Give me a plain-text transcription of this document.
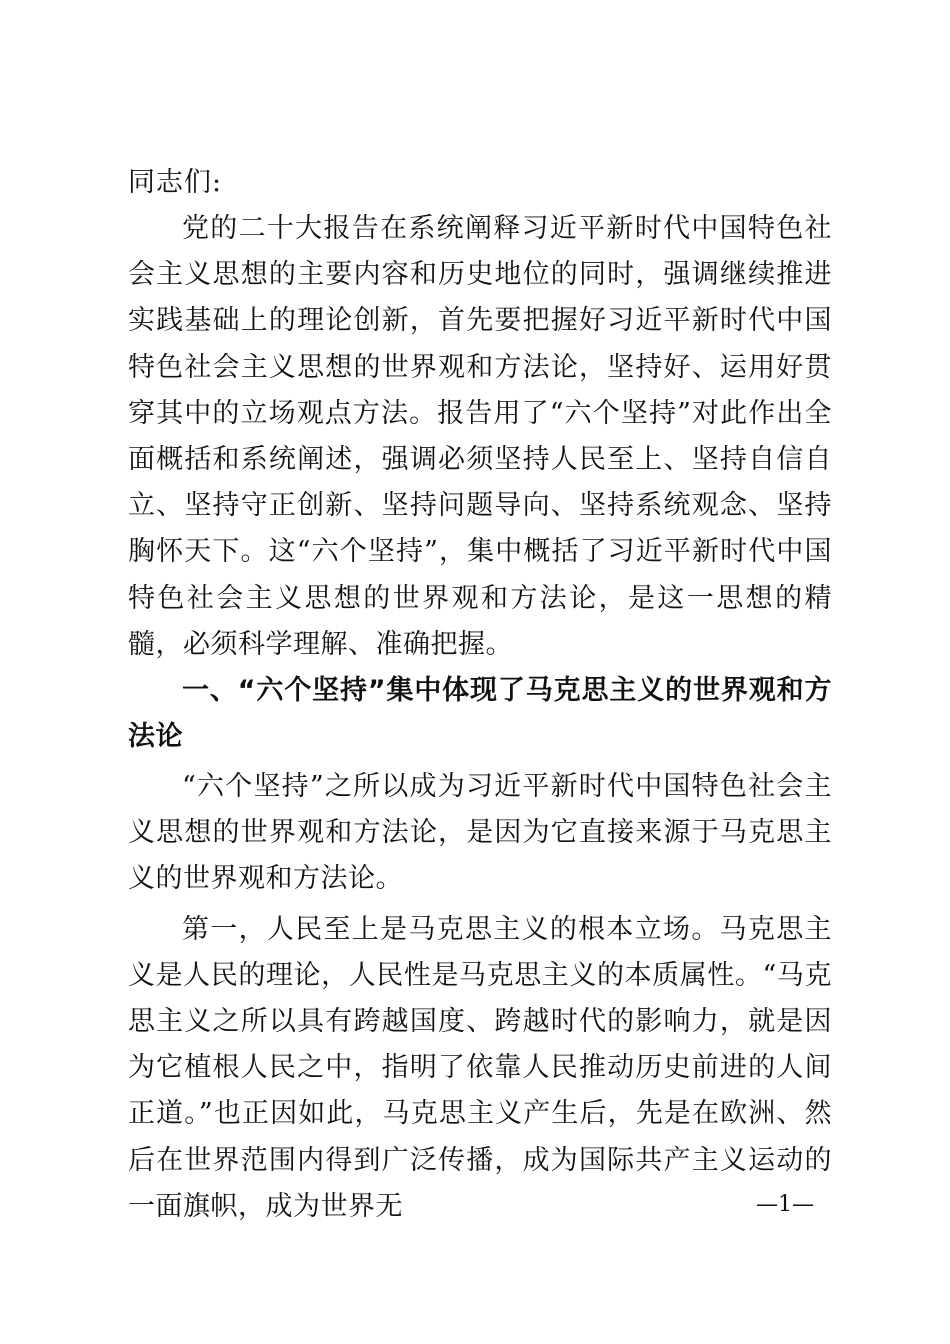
同志们:

党的二十大报告在系统阐释习近平新时代中国特色社会主义思想的主要内容和历史地位的同时，强调继续推进实践基础上的理论创新，首先要把握好习近平新时代中国特色社会主义思想的世界观和方法论，坚持好、运用好贯穿其中的立场观点方法。报告用了“六个坚持”对此作出全面概括和系统阐述，强调必须坚持人民至上、坚持自信自立、坚持守正创新、坚持问题导向、坚持系统观念、坚持胸怀天下。这“六个坚持”，集中概括了习近平新时代中国特色社会主义思想的世界观和方法论，是这一思想的精髓，必须科学理解、准确把握。

一、“六个坚持”集中体现了马克思主义的世界观和方法论

“六个坚持”之所以成为习近平新时代中国特色社会主义思想的世界观和方法论，是因为它直接来源于马克思主义的世界观和方法论。

第一，人民至上是马克思主义的根本立场。马克思主义是人民的理论，人民性是马克思主义的本质属性。“马克思主义之所以具有跨越国度、跨越时代的影响力，就是因为它植根人民之中，指明了依靠人民推动历史前进的人间正道。”也正因如此，马克思主义产生后，先是在欧洲、然后在世界范围内得到广泛传播，成为国际共产主义运动的一面旗帜，成为世界无	—1—
